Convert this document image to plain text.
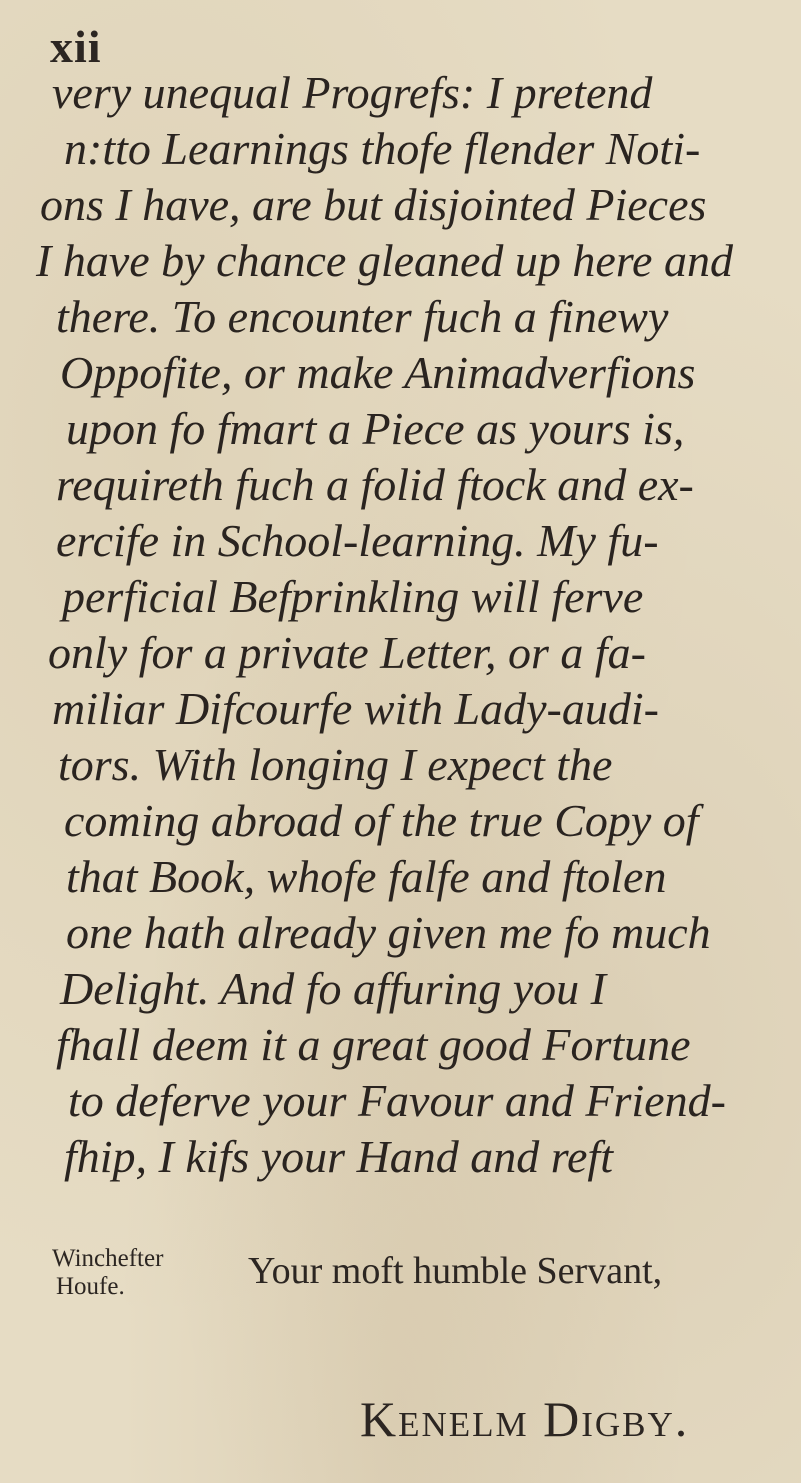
xii
very unequal Progrefs: I pretend
n:tto Learnings thofe flender Noti-
ons I have, are but disjointed Pieces
I have by chance gleaned up here and
there. To encounter fuch a finewy
Oppofite, or make Animadverfions
upon fo fmart a Piece as yours is,
requireth fuch a folid ftock and ex-
ercife in School-learning. My fu-
perficial Befprinkling will ferve
only for a private Letter, or a fa-
miliar Difcourfe with Lady-audi-
tors. With longing I expect the
coming abroad of the true Copy of
that Book, whofe falfe and ftolen
one hath already given me fo much
Delight. And fo affuring you I
fhall deem it a great good Fortune
to deferve your Favour and Friend-
fhip, I kifs your Hand and reft
Winchefter
Houfe.	Your moft humble Servant,
Kenelm Digby.
